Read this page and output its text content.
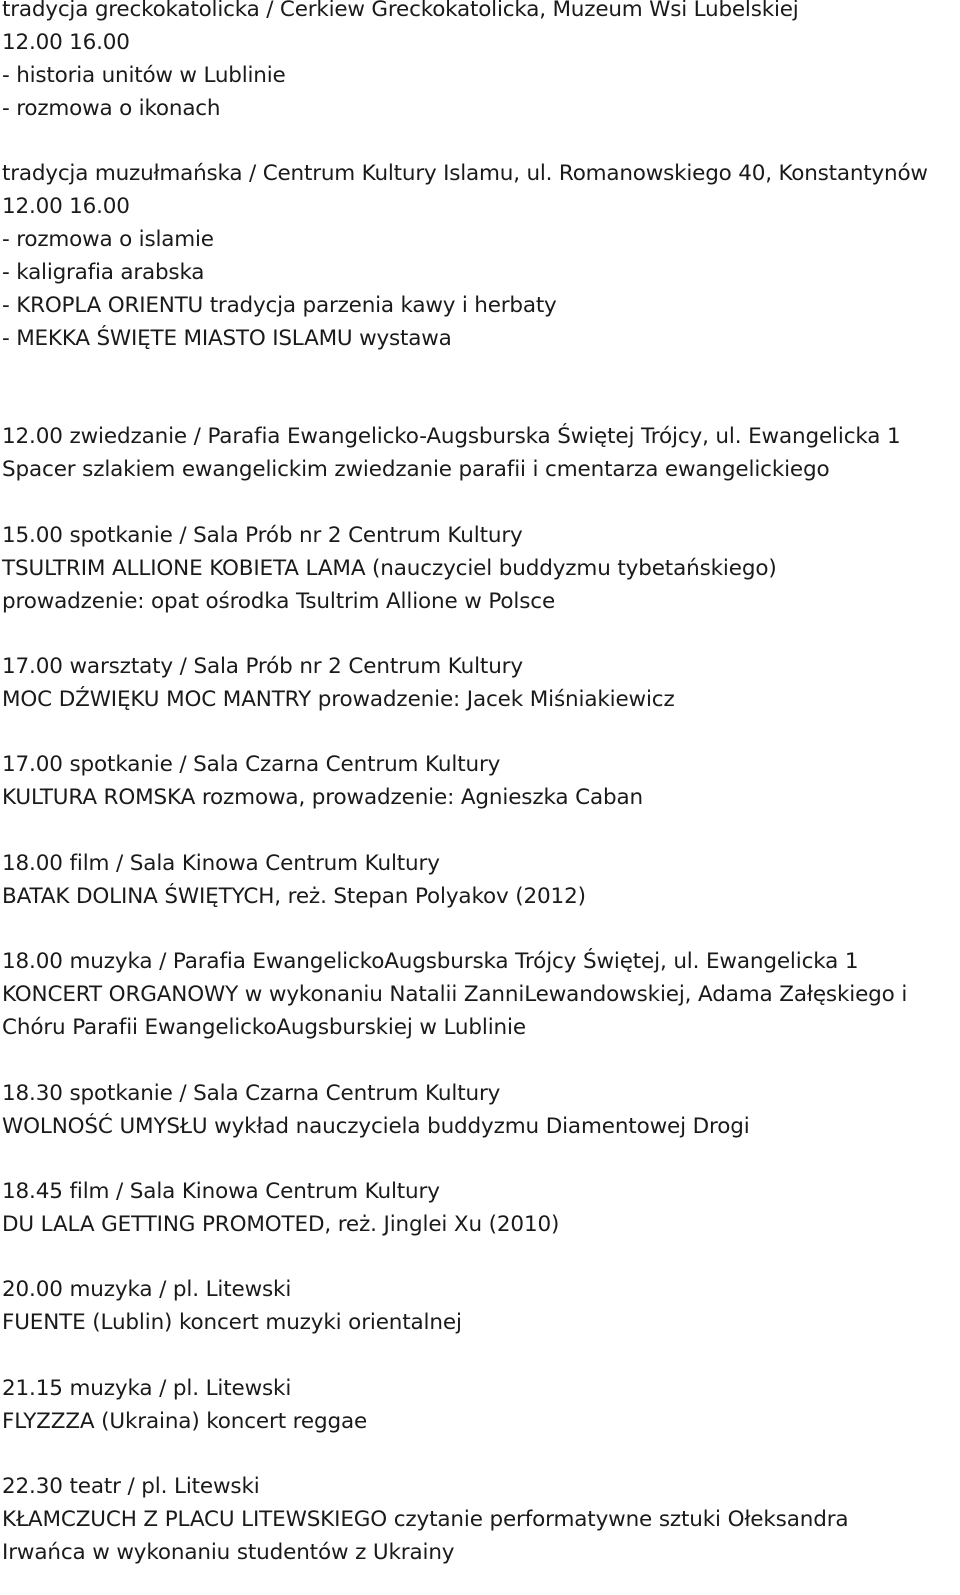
tradycja greckokatolicka / Cerkiew Greckokatolicka, Muzeum Wsi Lubelskiej
12.00 16.00
- historia unitów w Lublinie
- rozmowa o ikonach
tradycja muzułmańska / Centrum Kultury Islamu, ul. Romanowskiego 40, Konstantynów
12.00 16.00
- rozmowa o islamie
- kaligrafia arabska
- KROPLA ORIENTU tradycja parzenia kawy i herbaty
- MEKKA ŚWIĘTE MIASTO ISLAMU wystawa
12.00 zwiedzanie / Parafia Ewangelicko-Augsburska Świętej Trójcy, ul. Ewangelicka 1
Spacer szlakiem ewangelickim zwiedzanie parafii i cmentarza ewangelickiego
15.00 spotkanie / Sala Prób nr 2 Centrum Kultury
TSULTRIM ALLIONE KOBIETA LAMA (nauczyciel buddyzmu tybetańskiego)
prowadzenie: opat ośrodka Tsultrim Allione w Polsce
17.00 warsztaty / Sala Prób nr 2 Centrum Kultury
MOC DŹWIĘKU MOC MANTRY prowadzenie: Jacek Miśniakiewicz
17.00 spotkanie / Sala Czarna Centrum Kultury
KULTURA ROMSKA rozmowa, prowadzenie: Agnieszka Caban
18.00 film / Sala Kinowa Centrum Kultury
BATAK DOLINA ŚWIĘTYCH, reż. Stepan Polyakov (2012)
18.00 muzyka / Parafia EwangelickoAugsburska Trójcy Świętej, ul. Ewangelicka 1
KONCERT ORGANOWY w wykonaniu Natalii ZanniLewandowskiej, Adama Załęskiego i
Chóru Parafii EwangelickoAugsburskiej w Lublinie
18.30 spotkanie / Sala Czarna Centrum Kultury
WOLNOŚĆ UMYSŁU wykład nauczyciela buddyzmu Diamentowej Drogi
18.45 film / Sala Kinowa Centrum Kultury
DU LALA GETTING PROMOTED, reż. Jinglei Xu (2010)
20.00 muzyka / pl. Litewski
FUENTE (Lublin) koncert muzyki orientalnej
21.15 muzyka / pl. Litewski
FLYZZZA (Ukraina) koncert reggae
22.30 teatr / pl. Litewski
KŁAMCZUCH Z PLACU LITEWSKIEGO czytanie performatywne sztuki Ołeksandra
Irwańca w wykonaniu studentów z Ukrainy
